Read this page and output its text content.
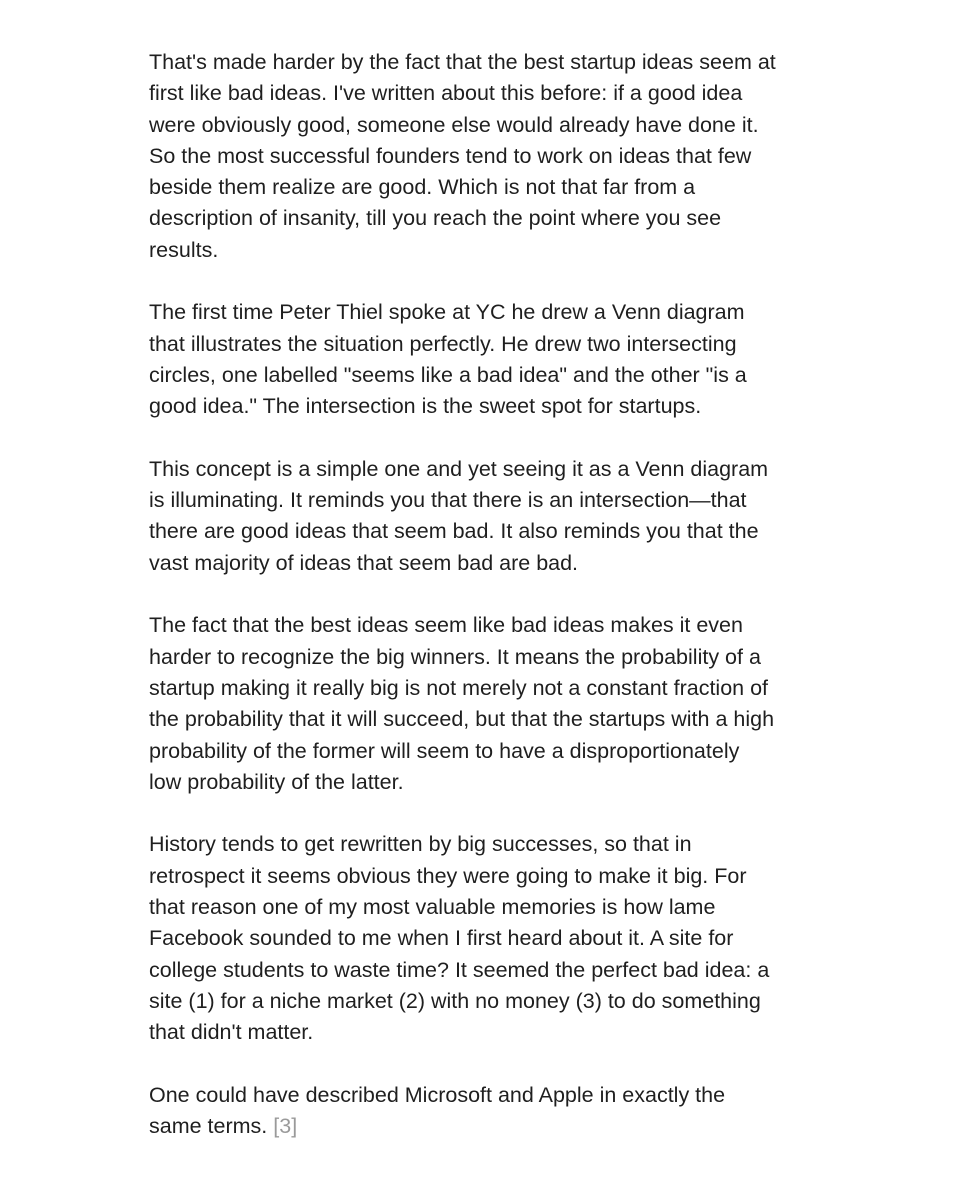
That's made harder by the fact that the best startup ideas seem at
first like bad ideas. I've written about this before: if a good idea
were obviously good, someone else would already have done it.
So the most successful founders tend to work on ideas that few
beside them realize are good. Which is not that far from a
description of insanity, till you reach the point where you see
results.

The first time Peter Thiel spoke at YC he drew a Venn diagram
that illustrates the situation perfectly. He drew two intersecting
circles, one labelled "seems like a bad idea" and the other "is a
good idea." The intersection is the sweet spot for startups.

This concept is a simple one and yet seeing it as a Venn diagram
is illuminating. It reminds you that there is an intersection—that
there are good ideas that seem bad. It also reminds you that the
vast majority of ideas that seem bad are bad.

The fact that the best ideas seem like bad ideas makes it even
harder to recognize the big winners. It means the probability of a
startup making it really big is not merely not a constant fraction of
the probability that it will succeed, but that the startups with a high
probability of the former will seem to have a disproportionately
low probability of the latter.

History tends to get rewritten by big successes, so that in
retrospect it seems obvious they were going to make it big. For
that reason one of my most valuable memories is how lame
Facebook sounded to me when I first heard about it. A site for
college students to waste time? It seemed the perfect bad idea: a
site (1) for a niche market (2) with no money (3) to do something
that didn't matter.

One could have described Microsoft and Apple in exactly the
same terms. [3]
